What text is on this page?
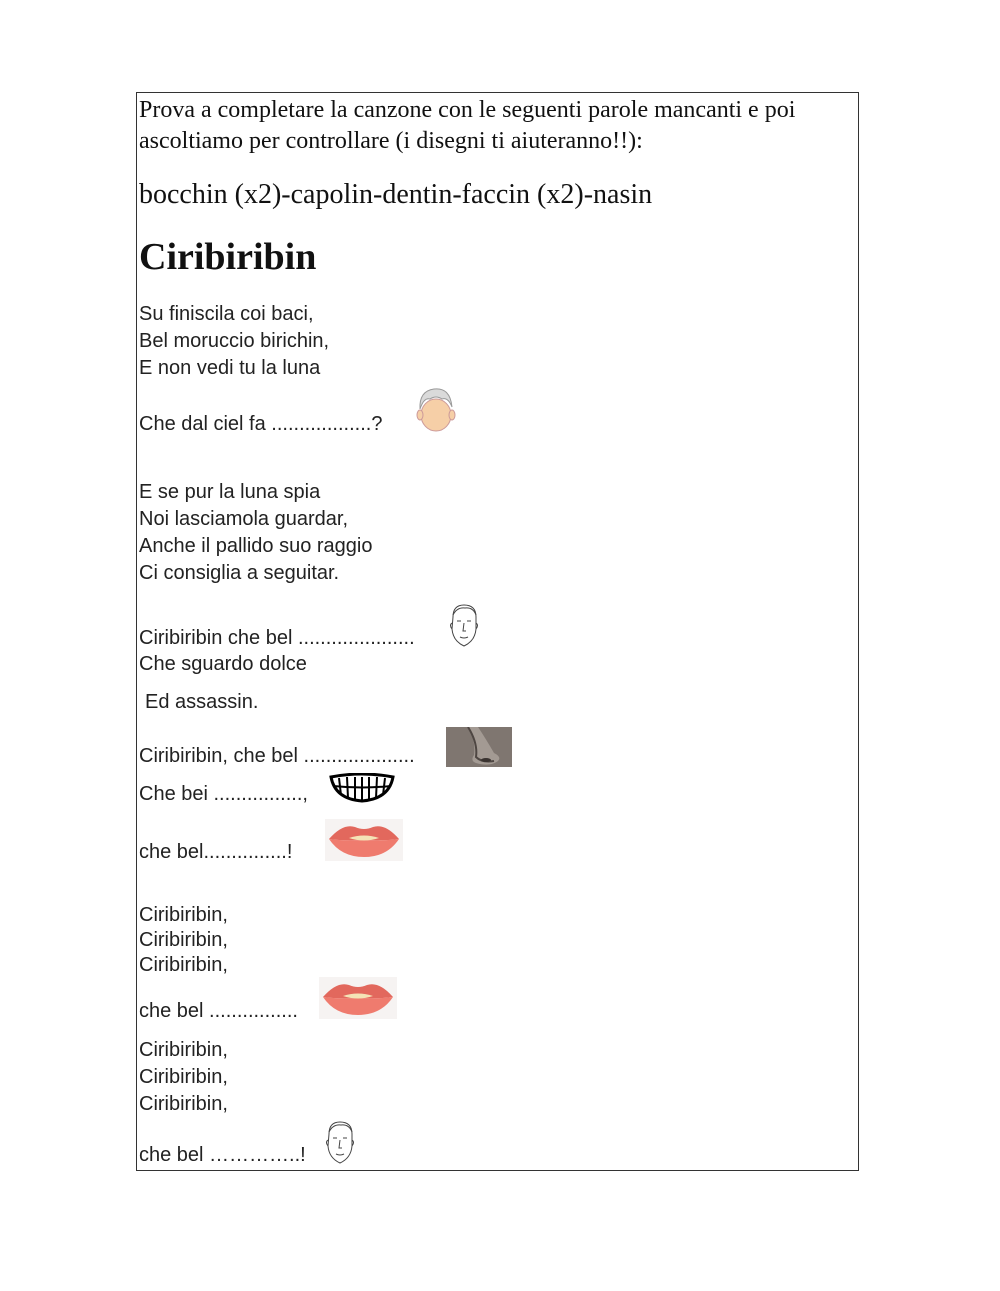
Prova a completare la canzone con le seguenti parole mancanti e poi ascoltiamo per controllare (i disegni ti aiuteranno!!):
bocchin (x2)-capolin-dentin-faccin (x2)-nasin
Ciribiribin
Su finiscila coi baci,
Bel moruccio birichin,
E non vedi tu la luna
Che dal ciel fa ..................?
E se pur la luna spia
Noi lasciamola guardar,
Anche il pallido suo raggio
Ci consiglia a seguitar.
Ciribiribin che bel .....................
Che sguardo dolce
Ed assassin.
Ciribiribin, che bel ....................
Che bei ................,
che bel...............!
Ciribiribin,
Ciribiribin,
Ciribiribin,
che bel ................
Ciribiribin,
Ciribiribin,
Ciribiribin,
che bel …………..!
